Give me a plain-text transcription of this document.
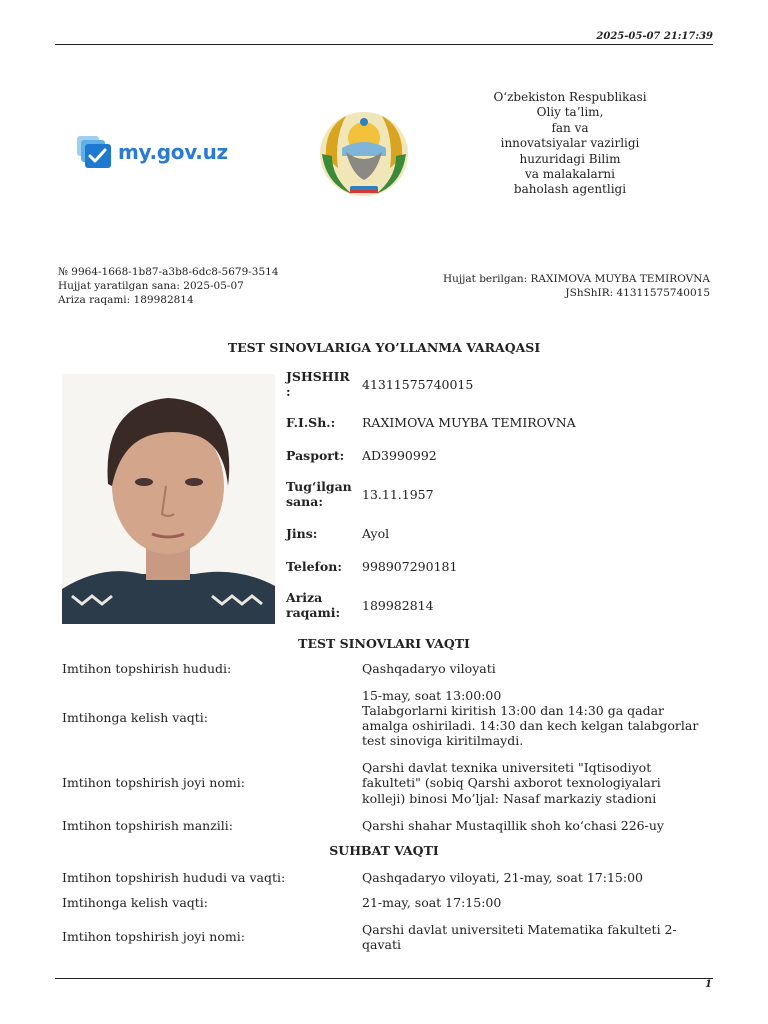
2025-05-07 21:17:39
my.gov.uz
O‘zbekiston Respublikasi
Oliy ta’lim,
fan va
innovatsiyalar vazirligi
huzuridagi Bilim
va malakalarni
baholash agentligi
№ 9964-1668-1b87-a3b8-6dc8-5679-3514
Hujjat yaratilgan sana: 2025-05-07
Ariza raqami: 189982814
Hujjat berilgan: RAXIMOVA MUYBA TEMIROVNA
JShShIR: 41311575740015
TEST SINOVLARIGA YO’LLANMA VARAQASI
JSHSHIR :	41311575740015
F.I.Sh.:	RAXIMOVA MUYBA TEMIROVNA
Pasport:	AD3990992
Tug‘ilgan sana:	13.11.1957
Jins:	Ayol
Telefon:	998907290181
Ariza raqami:	189982814
TEST SINOVLARI VAQTI
Imtihon topshirish hududi:	Qashqadaryo viloyati
Imtihonga kelish vaqti:
15-may, soat 13:00:00
Talabgorlarni kiritish 13:00 dan 14:30 ga qadar amalga oshiriladi. 14:30 dan kech kelgan talabgorlar test sinoviga kiritilmaydi.
Imtihon topshirish joyi nomi:
Qarshi davlat texnika universiteti "Iqtisodiyot fakulteti" (sobiq Qarshi axborot texnologiyalari kolleji) binosi Mo’ljal: Nasaf markaziy stadioni
Imtihon topshirish manzili:	Qarshi shahar Mustaqillik shoh ko‘chasi 226-uy
SUHBAT VAQTI
Imtihon topshirish hududi va vaqti:	Qashqadaryo viloyati, 21-may, soat 17:15:00
Imtihonga kelish vaqti:	21-may, soat 17:15:00
Imtihon topshirish joyi nomi:
Qarshi davlat universiteti Matematika fakulteti 2-qavati
1
